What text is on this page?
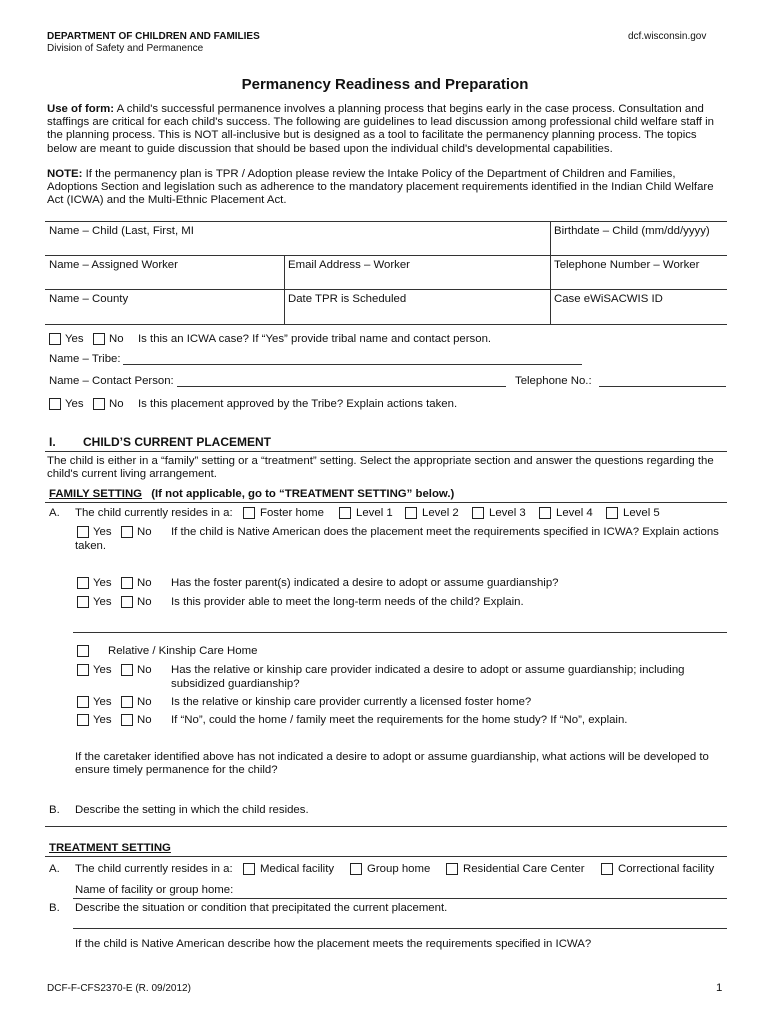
DEPARTMENT OF CHILDREN AND FAMILIES
Division of Safety and Permanence
dcf.wisconsin.gov
Permanency Readiness and Preparation
Use of form: A child's successful permanence involves a planning process that begins early in the case process. Consultation and staffings are critical for each child's success. The following are guidelines to lead discussion among professional child welfare staff in the planning process. This is NOT all-inclusive but is designed as a tool to facilitate the permanency planning process. The topics below are meant to guide discussion that should be based upon the individual child's developmental capabilities.
NOTE: If the permanency plan is TPR / Adoption please review the Intake Policy of the Department of Children and Families, Adoptions Section and legislation such as adherence to the mandatory placement requirements identified in the Indian Child Welfare Act (ICWA) and the Multi-Ethnic Placement Act.
Name – Child (Last, First, MI	Birthdate – Child (mm/dd/yyyy)
Name – Assigned Worker	Email Address – Worker	Telephone Number – Worker
Name – County	Date TPR is Scheduled	Case eWiSACWIS ID
Yes No Is this an ICWA case? If “Yes” provide tribal name and contact person.
Name – Tribe:
Name – Contact Person:	Telephone No.:
Yes No Is this placement approved by the Tribe? Explain actions taken.
I. CHILD’S CURRENT PLACEMENT
The child is either in a “family” setting or a “treatment” setting. Select the appropriate section and answer the questions regarding the child's current living arrangement.
FAMILY SETTING (If not applicable, go to “TREATMENT SETTING” below.)
A. The child currently resides in a: Foster home	Level 1	Level 2	Level 3	Level 4	Level 5
Yes No If the child is Native American does the placement meet the requirements specified in ICWA? Explain actions
taken.
Yes No Has the foster parent(s) indicated a desire to adopt or assume guardianship?
Yes No Is this provider able to meet the long-term needs of the child? Explain.
Relative / Kinship Care Home
Yes No Has the relative or kinship care provider indicated a desire to adopt or assume guardianship; including
subsidized guardianship?
Yes No Is the relative or kinship care provider currently a licensed foster home?
Yes No If “No”, could the home / family meet the requirements for the home study? If “No”, explain.
If the caretaker identified above has not indicated a desire to adopt or assume guardianship, what actions will be developed to ensure timely permanence for the child?
B. Describe the setting in which the child resides.
TREATMENT SETTING
A. The child currently resides in a: Medical facility	Group home	Residential Care Center	Correctional facility
Name of facility or group home:
B. Describe the situation or condition that precipitated the current placement.
If the child is Native American describe how the placement meets the requirements specified in ICWA?
DCF-F-CFS2370-E (R. 09/2012)	1
